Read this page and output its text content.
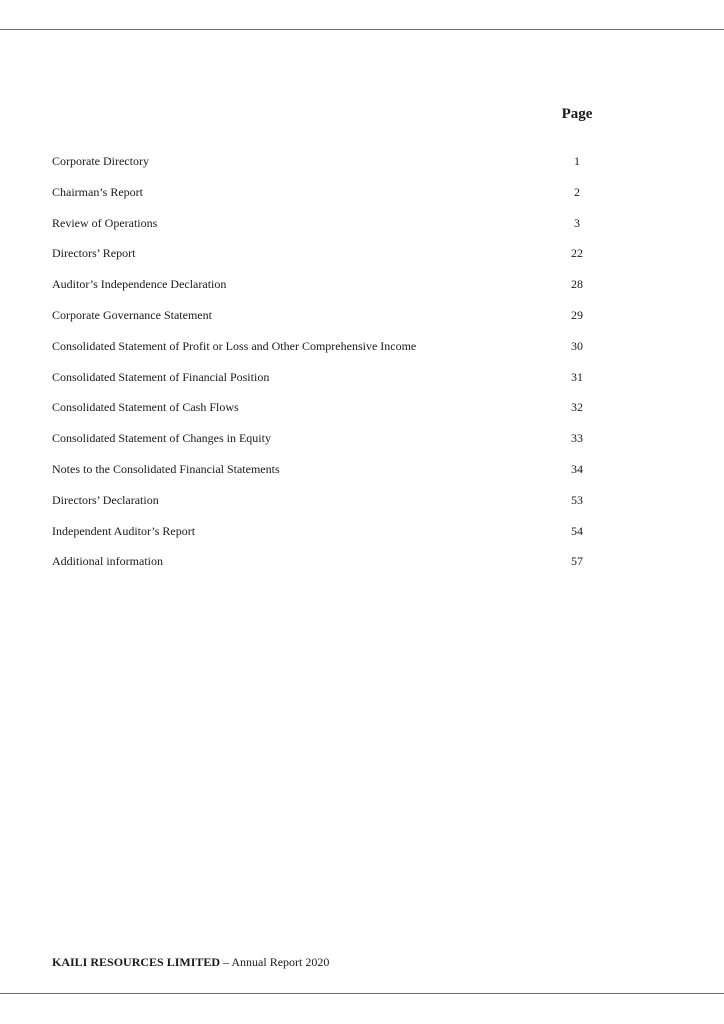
Page
Corporate Directory	1
Chairman’s Report	2
Review of Operations	3
Directors’ Report	22
Auditor’s Independence Declaration	28
Corporate Governance Statement	29
Consolidated Statement of Profit or Loss and Other Comprehensive Income	30
Consolidated Statement of Financial Position	31
Consolidated Statement of Cash Flows	32
Consolidated Statement of Changes in Equity	33
Notes to the Consolidated Financial Statements	34
Directors’ Declaration	53
Independent Auditor’s Report	54
Additional information	57
KAILI RESOURCES LIMITED – Annual Report 2020
